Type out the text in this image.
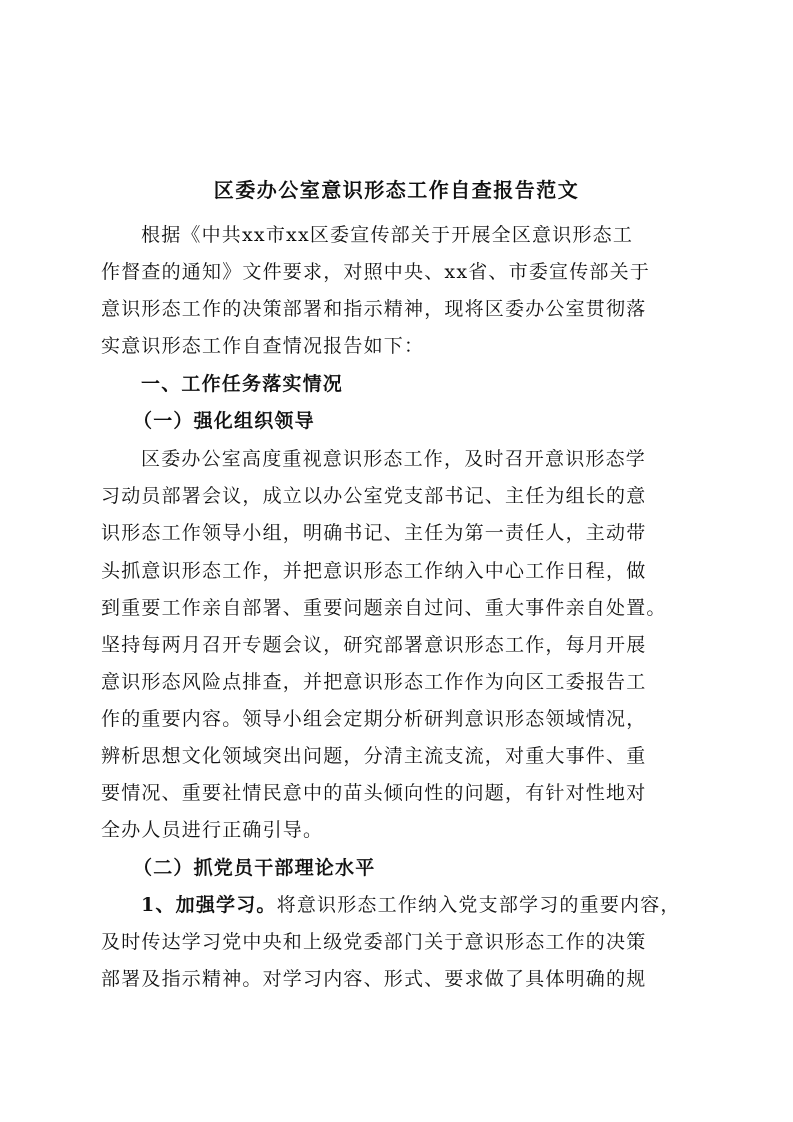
区委办公室意识形态工作自查报告范文
根据《中共xx市xx区委宣传部关于开展全区意识形态工
作督查的通知》文件要求，对照中央、xx省、市委宣传部关于
意识形态工作的决策部署和指示精神，现将区委办公室贯彻落
实意识形态工作自查情况报告如下：
一、工作任务落实情况
（一）强化组织领导
区委办公室高度重视意识形态工作，及时召开意识形态学
习动员部署会议，成立以办公室党支部书记、主任为组长的意
识形态工作领导小组，明确书记、主任为第一责任人，主动带
头抓意识形态工作，并把意识形态工作纳入中心工作日程，做
到重要工作亲自部署、重要问题亲自过问、重大事件亲自处置。
坚持每两月召开专题会议，研究部署意识形态工作，每月开展
意识形态风险点排查，并把意识形态工作作为向区工委报告工
作的重要内容。领导小组会定期分析研判意识形态领域情况，
辨析思想文化领域突出问题，分清主流支流，对重大事件、重
要情况、重要社情民意中的苗头倾向性的问题，有针对性地对
全办人员进行正确引导。
（二）抓党员干部理论水平
1、加强学习。将意识形态工作纳入党支部学习的重要内容，
及时传达学习党中央和上级党委部门关于意识形态工作的决策
部署及指示精神。对学习内容、形式、要求做了具体明确的规
